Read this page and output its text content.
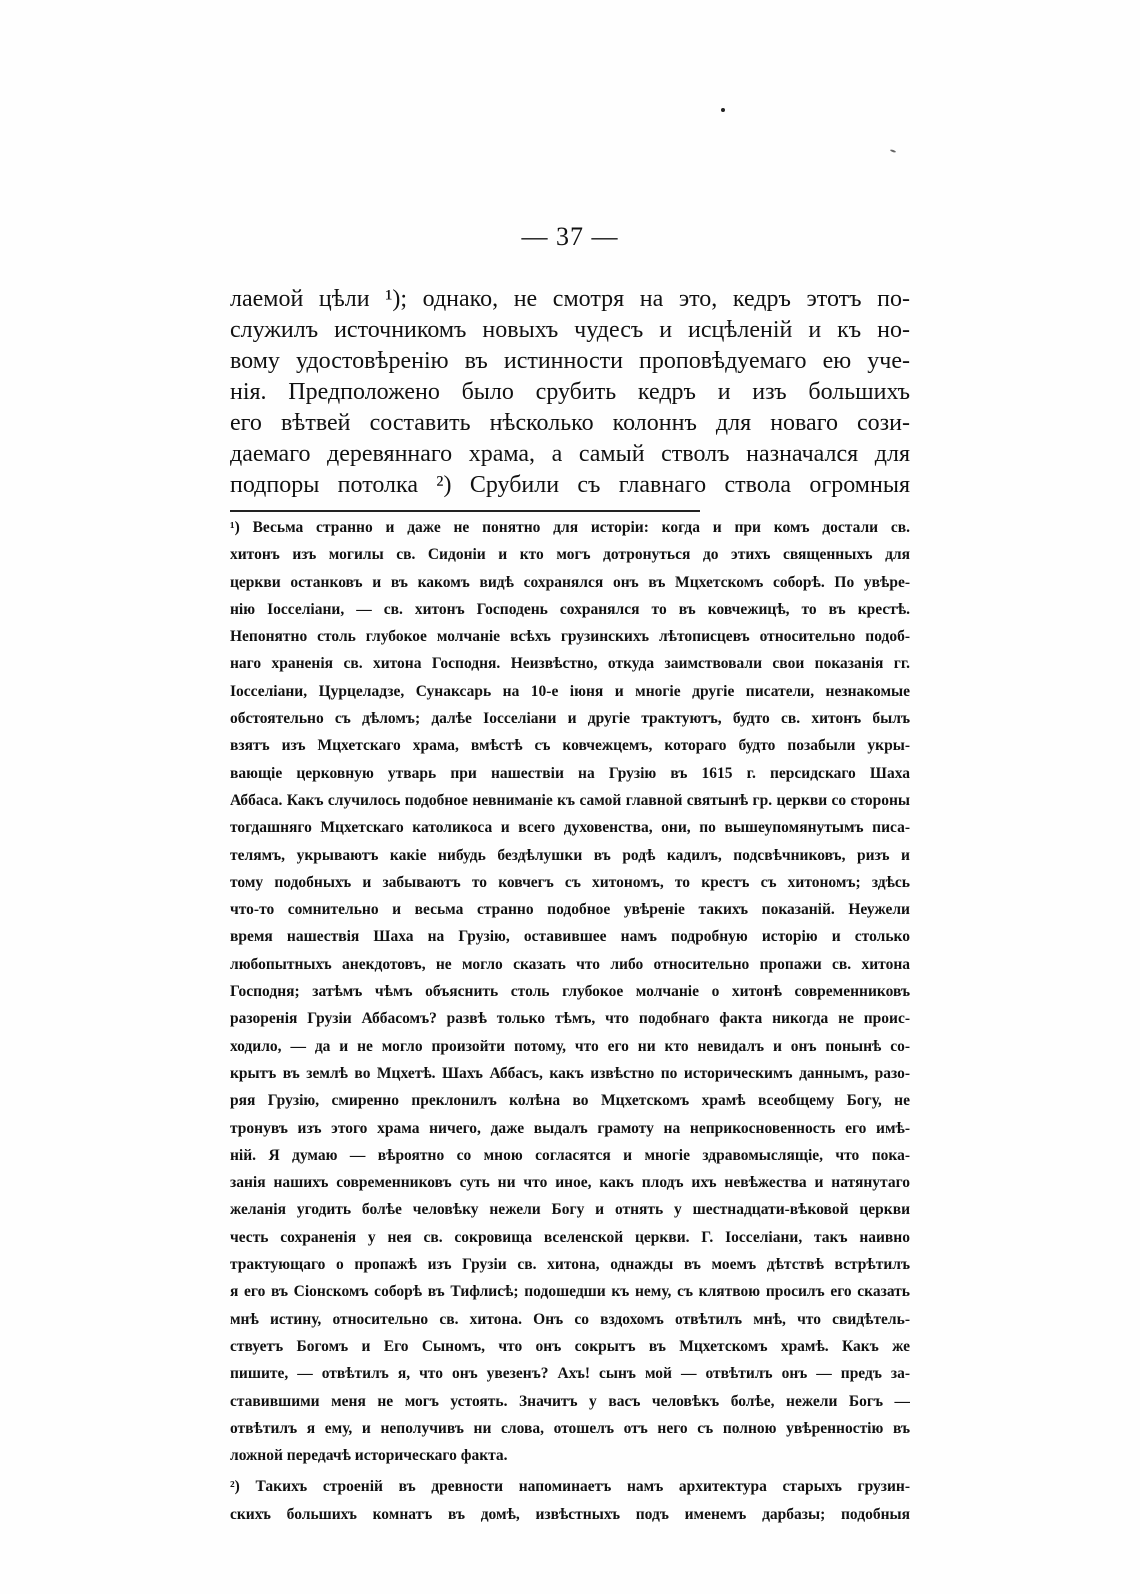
— 37 —
лаемой цѣли ¹); однако, не смотря на это, кедръ этотъ по-
служилъ источникомъ новыхъ чудесъ и исцѣленій и къ но-
вому удостовѣренію въ истинности проповѣдуемаго ею уче-
нія. Предположено было срубить кедръ и изъ большихъ
его вѣтвей составить нѣсколько колоннъ для новаго сози-
даемаго деревяннаго храма, а самый стволъ назначался для
подпоры потолка ²) Срубили съ главнаго ствола огромныя
¹) Весьма странно и даже не понятно для исторіи: когда и при комъ достали св.
хитонъ изъ могилы св. Сидоніи и кто могъ дотронуться до этихъ священныхъ для
церкви останковъ и въ какомъ видѣ сохранялся онъ въ Мцхетскомъ соборѣ. По увѣре-
нію Іосселіани, — св. хитонъ Господень сохранялся то въ ковчежицѣ, то въ крестѣ.
Непонятно столь глубокое молчаніе всѣхъ грузинскихъ лѣтописцевъ относительно подоб-
наго храненія св. хитона Господня. Неизвѣстно, откуда заимствовали свои показанія гг.
Іосселіани, Цурцеладзе, Сунаксарь на 10-е іюня и многіе другіе писатели, незнакомые
обстоятельно съ дѣломъ; далѣе Іосселіани и другіе трактуютъ, будто св. хитонъ былъ
взятъ изъ Мцхетскаго храма, вмѣстѣ съ ковчежцемъ, котораго будто позабыли укры-
вающіе церковную утварь при нашествіи на Грузію въ 1615 г. персидскаго Шаха
Аббаса. Какъ случилось подобное невниманіе къ самой главной святынѣ гр. церкви со стороны
тогдашняго Мцхетскаго католикоса и всего духовенства, они, по вышеупомянутымъ писа-
телямъ, укрываютъ какіе нибудь бездѣлушки въ родѣ кадилъ, подсвѣчниковъ, ризъ и
тому подобныхъ и забываютъ то ковчегъ съ хитономъ, то крестъ съ хитономъ; здѣсь
что-то сомнительно и весьма странно подобное увѣреніе такихъ показаній. Неужели
время нашествія Шаха на Грузію, оставившее намъ подробную исторію и столько
любопытныхъ анекдотовъ, не могло сказать что либо относительно пропажи св. хитона
Господня; затѣмъ чѣмъ объяснить столь глубокое молчаніе о хитонѣ современниковъ
разоренія Грузіи Аббасомъ? развѣ только тѣмъ, что подобнаго факта никогда не проис-
ходило, — да и не могло произойти потому, что его ни кто невидалъ и онъ понынѣ со-
крытъ въ землѣ во Мцхетѣ. Шахъ Аббасъ, какъ извѣстно по историческимъ даннымъ, разо-
ряя Грузію, смиренно преклонилъ колѣна во Мцхетскомъ храмѣ всеобщему Богу, не
тронувъ изъ этого храма ничего, даже выдалъ грамоту на неприкосновенность его имѣ-
ній. Я думаю — вѣроятно со мною согласятся и многіе здравомыслящіе, что пока-
занія нашихъ современниковъ суть ни что иное, какъ плодъ ихъ невѣжества и натянутаго
желанія угодить болѣе человѣку нежели Богу и отнять у шестнадцати-вѣковой церкви
честь сохраненія у нея св. сокровища вселенской церкви. Г. Іосселіани, такъ наивно
трактующаго о пропажѣ изъ Грузіи св. хитона, однажды въ моемъ дѣтствѣ встрѣтилъ
я его въ Сіонскомъ соборѣ въ Тифлисѣ; подошедши къ нему, съ клятвою просилъ его сказать
мнѣ истину, относительно св. хитона. Онъ со вздохомъ отвѣтилъ мнѣ, что свидѣтель-
ствуетъ Богомъ и Его Сыномъ, что онъ сокрытъ въ Мцхетскомъ храмѣ. Какъ же
пишите, — отвѣтилъ я, что онъ увезенъ? Ахъ! сынъ мой — отвѣтилъ онъ — предъ за-
ставившими меня не могъ устоять. Значитъ у васъ человѣкъ болѣе, нежели Богъ —
отвѣтилъ я ему, и неполучивъ ни слова, отошелъ отъ него съ полною увѣренностію въ
ложной передачѣ историческаго факта.
²) Такихъ строеній въ древности напоминаетъ намъ архитектура старыхъ грузин-
скихъ большихъ комнатъ въ домѣ, извѣстныхъ подъ именемъ дарбазы; подобныя
